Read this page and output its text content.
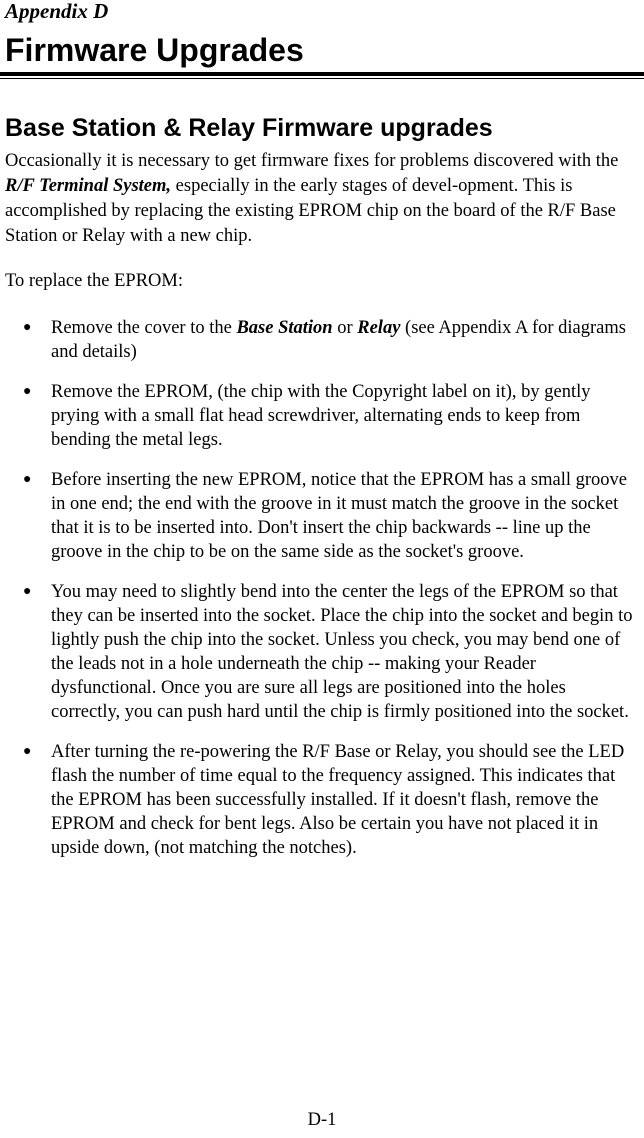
Appendix D

Firmware Upgrades
Base Station & Relay Firmware upgrades

Occasionally it is necessary to get firmware fixes for problems discovered with the R/F Terminal System, especially in the early stages of devel-opment. This is accomplished by replacing the existing EPROM chip on the board of the R/F Base Station or Relay with a new chip.

To replace the EPROM:

● Remove the cover to the Base Station or Relay (see Appendix A for diagrams and details)
● Remove the EPROM, (the chip with the Copyright label on it), by gently prying with a small flat head screwdriver, alternating ends to keep from bending the metal legs.
● Before inserting the new EPROM, notice that the EPROM has a small groove in one end; the end with the groove in it must match the groove in the socket that it is to be inserted into. Don't insert the chip backwards -- line up the groove in the chip to be on the same side as the socket's groove.
● You may need to slightly bend into the center the legs of the EPROM so that they can be inserted into the socket. Place the chip into the socket and begin to lightly push the chip into the socket. Unless you check, you may bend one of the leads not in a hole underneath the chip -- making your Reader dysfunctional. Once you are sure all legs are positioned into the holes correctly, you can push hard until the chip is firmly positioned into the socket.
● After turning the re-powering the R/F Base or Relay, you should see the LED flash the number of time equal to the frequency assigned. This indicates that the EPROM has been successfully installed. If it doesn't flash, remove the EPROM and check for bent legs. Also be certain you have not placed it in upside down, (not matching the notches).

D-1
